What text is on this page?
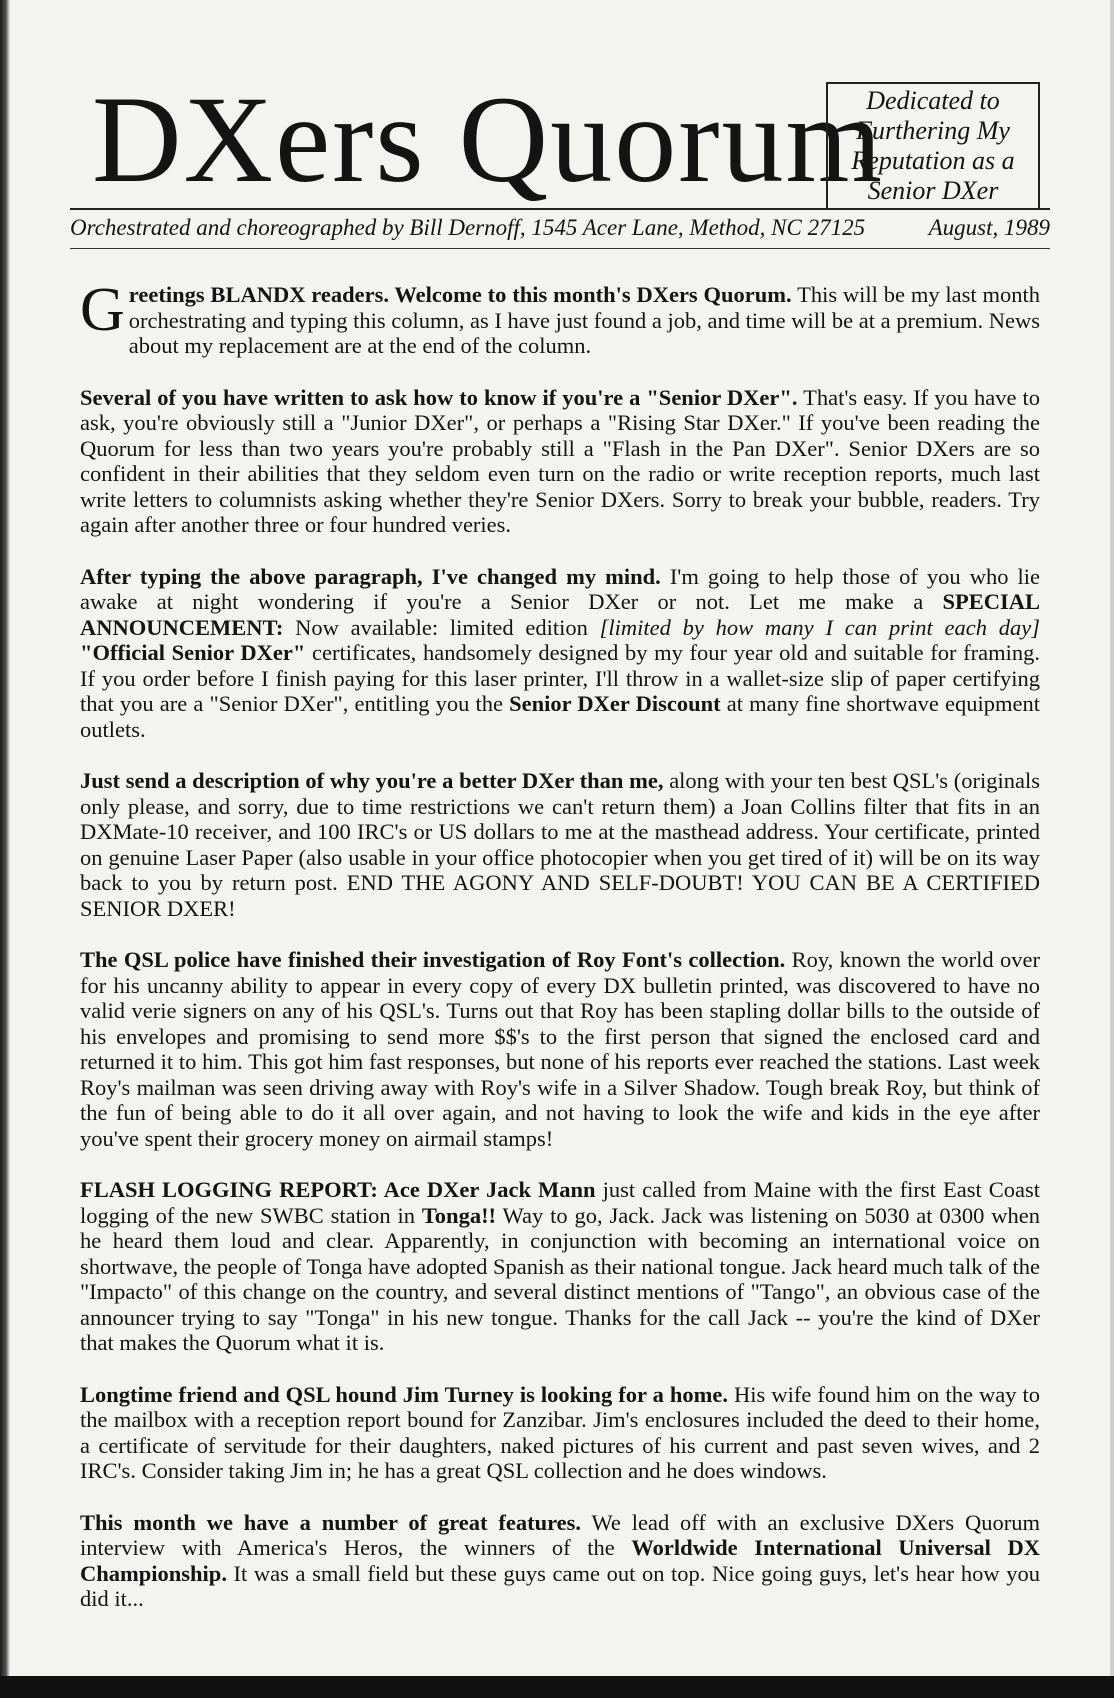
DXers Quorum
Dedicated to
Furthering My
Reputation as a
Senior DXer
Orchestrated and choreographed by Bill Dernoff, 1545 Acer Lane, Method, NC 27125	August, 1989

Greetings BLANDX readers. Welcome to this month's DXers Quorum. This will be my last month orchestrating and typing this column, as I have just found a job, and time will be at a premium. News about my replacement are at the end of the column.

Several of you have written to ask how to know if you're a "Senior DXer". That's easy. If you have to ask, you're obviously still a "Junior DXer", or perhaps a "Rising Star DXer." If you've been reading the Quorum for less than two years you're probably still a "Flash in the Pan DXer". Senior DXers are so confident in their abilities that they seldom even turn on the radio or write reception reports, much last write letters to columnists asking whether they're Senior DXers. Sorry to break your bubble, readers. Try again after another three or four hundred veries.

After typing the above paragraph, I've changed my mind. I'm going to help those of you who lie awake at night wondering if you're a Senior DXer or not. Let me make a SPECIAL ANNOUNCEMENT: Now available: limited edition [limited by how many I can print each day] "Official Senior DXer" certificates, handsomely designed by my four year old and suitable for framing. If you order before I finish paying for this laser printer, I'll throw in a wallet-size slip of paper certifying that you are a "Senior DXer", entitling you the Senior DXer Discount at many fine shortwave equipment outlets.

Just send a description of why you're a better DXer than me, along with your ten best QSL's (originals only please, and sorry, due to time restrictions we can't return them) a Joan Collins filter that fits in an DXMate-10 receiver, and 100 IRC's or US dollars to me at the masthead address. Your certificate, printed on genuine Laser Paper (also usable in your office photocopier when you get tired of it) will be on its way back to you by return post. END THE AGONY AND SELF-DOUBT! YOU CAN BE A CERTIFIED SENIOR DXER!

The QSL police have finished their investigation of Roy Font's collection. Roy, known the world over for his uncanny ability to appear in every copy of every DX bulletin printed, was discovered to have no valid verie signers on any of his QSL's. Turns out that Roy has been stapling dollar bills to the outside of his envelopes and promising to send more $$'s to the first person that signed the enclosed card and returned it to him. This got him fast responses, but none of his reports ever reached the stations. Last week Roy's mailman was seen driving away with Roy's wife in a Silver Shadow. Tough break Roy, but think of the fun of being able to do it all over again, and not having to look the wife and kids in the eye after you've spent their grocery money on airmail stamps!

FLASH LOGGING REPORT: Ace DXer Jack Mann just called from Maine with the first East Coast logging of the new SWBC station in Tonga!! Way to go, Jack. Jack was listening on 5030 at 0300 when he heard them loud and clear. Apparently, in conjunction with becoming an international voice on shortwave, the people of Tonga have adopted Spanish as their national tongue. Jack heard much talk of the "Impacto" of this change on the country, and several distinct mentions of "Tango", an obvious case of the announcer trying to say "Tonga" in his new tongue. Thanks for the call Jack -- you're the kind of DXer that makes the Quorum what it is.

Longtime friend and QSL hound Jim Turney is looking for a home. His wife found him on the way to the mailbox with a reception report bound for Zanzibar. Jim's enclosures included the deed to their home, a certificate of servitude for their daughters, naked pictures of his current and past seven wives, and 2 IRC's. Consider taking Jim in; he has a great QSL collection and he does windows.

This month we have a number of great features. We lead off with an exclusive DXers Quorum interview with America's Heros, the winners of the Worldwide International Universal DX Championship. It was a small field but these guys came out on top. Nice going guys, let's hear how you did it...
